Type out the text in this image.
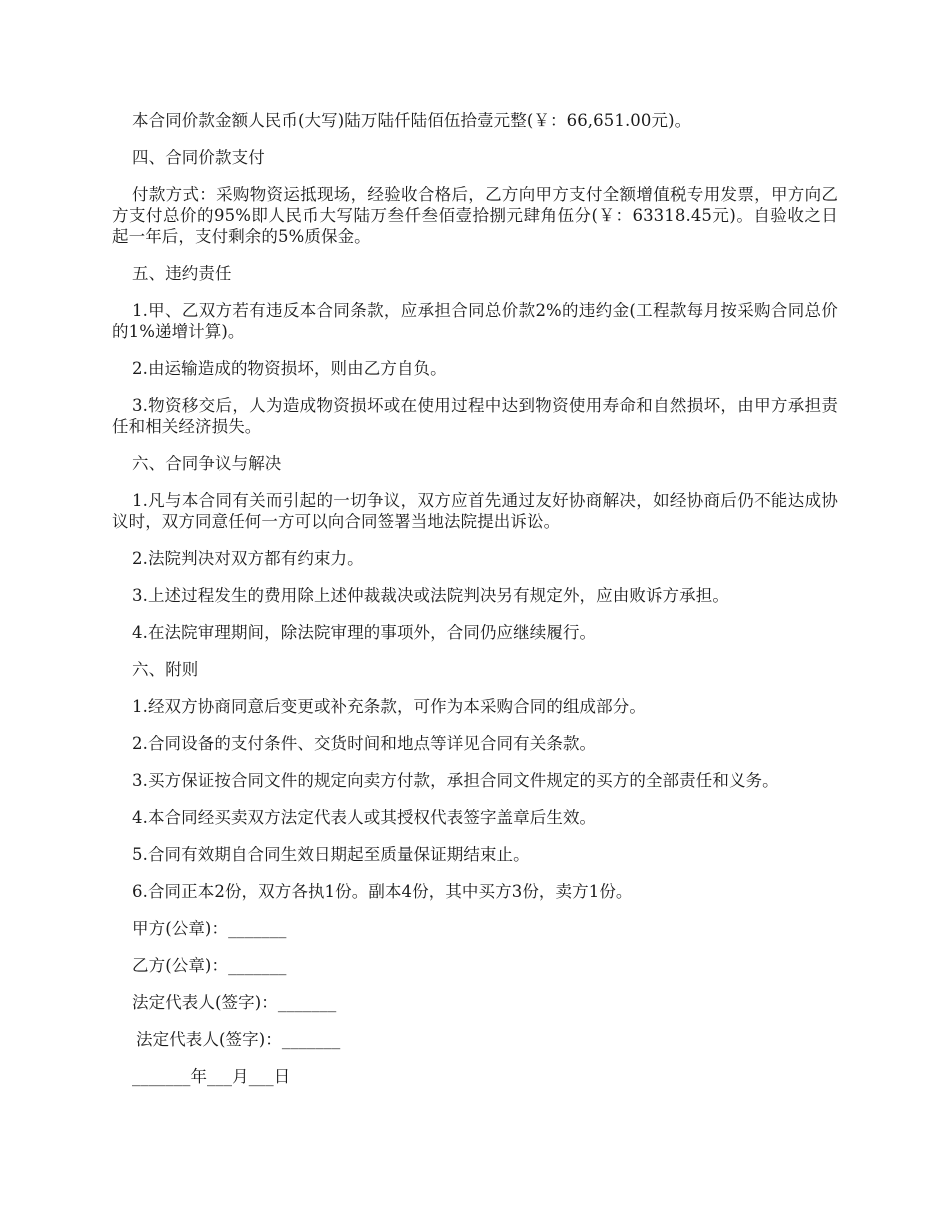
本合同价款金额人民币(大写)陆万陆仟陆佰伍拾壹元整(￥：66,651.00元)。

四、合同价款支付

付款方式：采购物资运抵现场，经验收合格后，乙方向甲方支付全额增值税专用发票，甲方向乙方支付总价的95%即人民币大写陆万叁仟叁佰壹拾捌元肆角伍分(￥：63318.45元)。自验收之日起一年后，支付剩余的5%质保金。

五、违约责任

1.甲、乙双方若有违反本合同条款，应承担合同总价款2%的违约金(工程款每月按采购合同总价的1%递增计算)。

2.由运输造成的物资损坏，则由乙方自负。

3.物资移交后，人为造成物资损坏或在使用过程中达到物资使用寿命和自然损坏，由甲方承担责任和相关经济损失。

六、合同争议与解决

1.凡与本合同有关而引起的一切争议，双方应首先通过友好协商解决，如经协商后仍不能达成协议时，双方同意任何一方可以向合同签署当地法院提出诉讼。

2.法院判决对双方都有约束力。

3.上述过程发生的费用除上述仲裁裁决或法院判决另有规定外，应由败诉方承担。

4.在法院审理期间，除法院审理的事项外，合同仍应继续履行。

六、附则

1.经双方协商同意后变更或补充条款，可作为本采购合同的组成部分。

2.合同设备的支付条件、交货时间和地点等详见合同有关条款。

3.买方保证按合同文件的规定向卖方付款，承担合同文件规定的买方的全部责任和义务。

4.本合同经买卖双方法定代表人或其授权代表签字盖章后生效。

5.合同有效期自合同生效日期起至质量保证期结束止。

6.合同正本2份，双方各执1份。副本4份，其中买方3份，卖方1份。

甲方(公章)：_______

乙方(公章)：_______

法定代表人(签字)：_______

法定代表人(签字)：_______

_______年___月___日
